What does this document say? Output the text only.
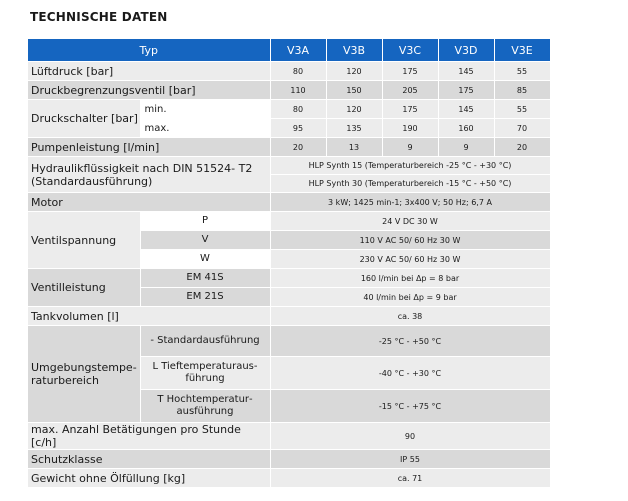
TECHNISCHE DATEN
Typ		V3A	V3B	V3C	V3D	V3E
Lüftdruck [bar]		80	120	175	145	55
Druckbegrenzungsventil [bar]		110	150	205	175	85
Druckschalter [bar]	min.	80	120	175	145	55
	max.	95	135	190	160	70
Pumpenleistung [l/min]		20	13	9	9	20
Hydraulikflüssigkeit nach DIN 51524- T2 (Standardausführung)		HLP Synth 15 (Temperaturbereich -25 °C - +30 °C)				
		HLP Synth 30 (Temperaturbereich -15 °C - +50 °C)				
Motor		3 kW; 1425 min-1; 3x400 V; 50 Hz; 6,7 A				
Ventilspannung	P	24 V DC 30 W				
	V	110 V AC 50/ 60 Hz 30 W				
	W	230 V AC 50/ 60 Hz 30 W				
Ventilleistung	EM 41S	160 l/min bei Δp = 8 bar				
	EM 21S	40 l/min bei Δp = 9 bar				
Tankvolumen [l]		ca. 38				
Umgebungstemperaturbereich	- Standardausführung	-25 °C - +50 °C				
	L Tieftemperaturausführung	-40 °C - +30 °C				
	T Hochtemperaturausführung	-15 °C - +75 °C				
max. Anzahl Betätigungen pro Stunde [c/h]		90				
Schutzklasse		IP 55				
Gewicht ohne Ölfüllung [kg]		ca. 71				
